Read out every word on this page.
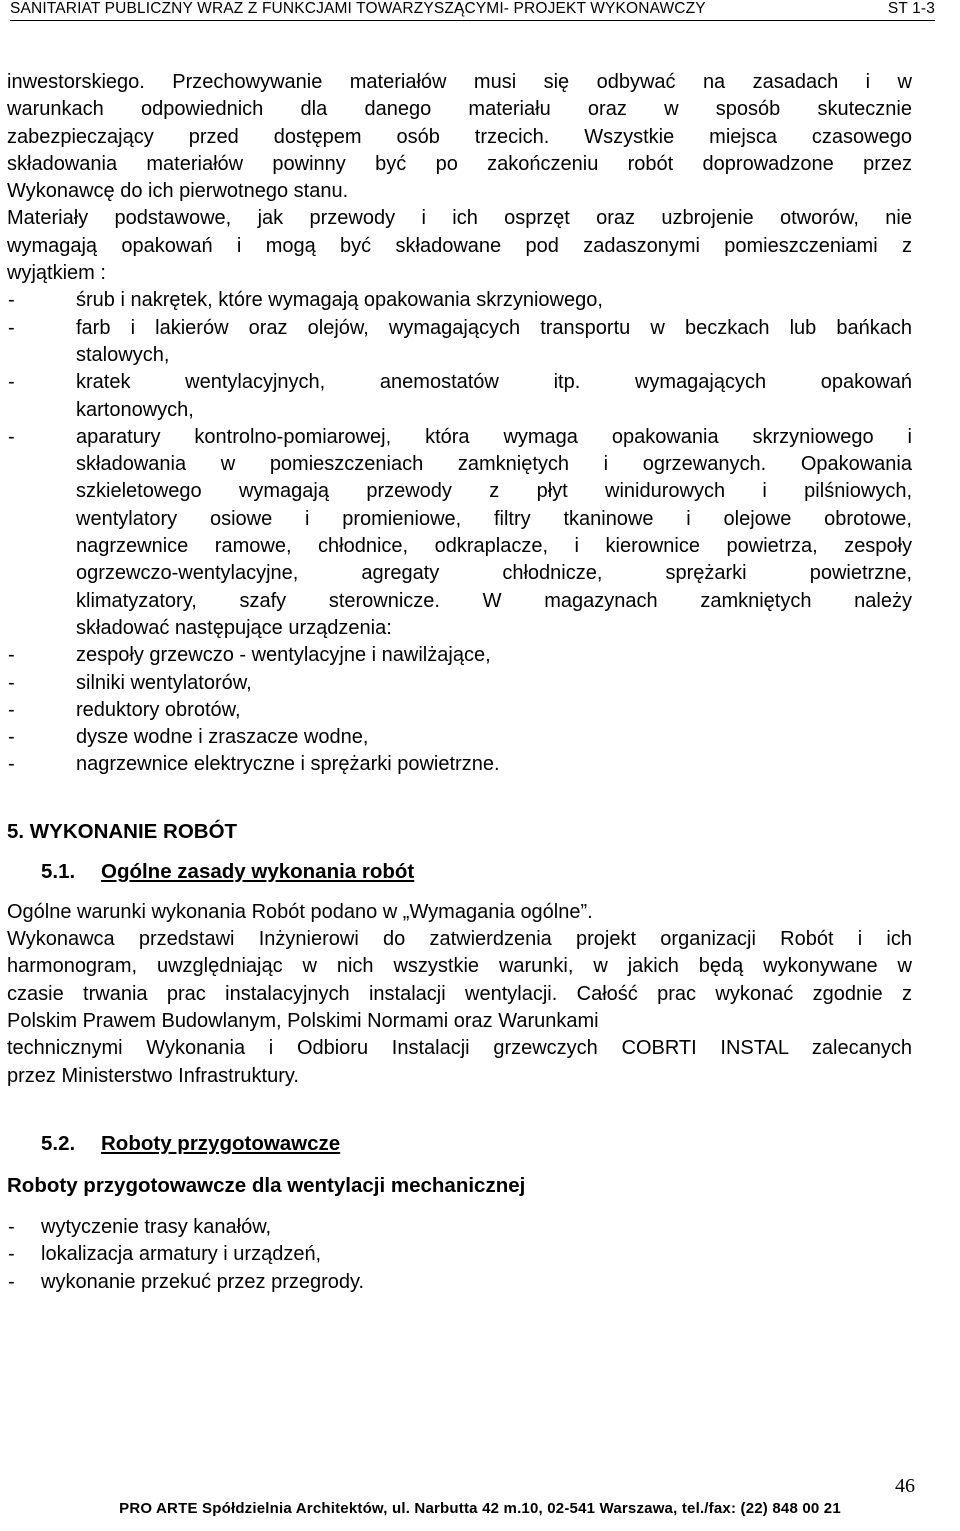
SANITARIAT PUBLICZNY WRAZ Z FUNKCJAMI TOWARZYSZĄCYMI- PROJEKT WYKONAWCZY	ST 1-3

inwestorskiego. Przechowywanie materiałów musi się odbywać na zasadach i w

warunkach odpowiednich dla danego materiału oraz w sposób skutecznie

zabezpieczający przed dostępem osób trzecich. Wszystkie miejsca czasowego

składowania materiałów powinny być po zakończeniu robót doprowadzone przez

Wykonawcę do ich pierwotnego stanu.

Materiały podstawowe, jak przewody i ich osprzęt oraz uzbrojenie otworów, nie

wymagają opakowań i mogą być składowane pod zadaszonymi pomieszczeniami z

wyjątkiem :

-	śrub i nakrętek, które wymagają opakowania skrzyniowego,
-	farb i lakierów oraz olejów, wymagających transportu w beczkach lub bańkach
stalowych,
-	kratek wentylacyjnych, anemostatów itp. wymagających opakowań
kartonowych,
-	aparatury kontrolno-pomiarowej, która wymaga opakowania skrzyniowego i
składowania w pomieszczeniach zamkniętych i ogrzewanych. Opakowania
szkieletowego wymagają przewody z płyt winidurowych i pilśniowych,
wentylatory osiowe i promieniowe, filtry tkaninowe i olejowe obrotowe,
nagrzewnice ramowe, chłodnice, odkraplacze, i kierownice powietrza, zespoły
ogrzewczo-wentylacyjne, agregaty chłodnicze, sprężarki powietrzne,
klimatyzatory, szafy sterownicze. W magazynach zamkniętych należy
składować następujące urządzenia:
-	zespoły grzewczo - wentylacyjne i nawilżające,
-	silniki wentylatorów,
-	reduktory obrotów,
-	dysze wodne i zraszacze wodne,
-	nagrzewnice elektryczne i sprężarki powietrzne.
5. WYKONANIE ROBÓT
5.1. Ogólne zasady wykonania robót

Ogólne warunki wykonania Robót podano w „Wymagania ogólne”.

Wykonawca przedstawi Inżynierowi do zatwierdzenia projekt organizacji Robót i ich

harmonogram, uwzględniając w nich wszystkie warunki, w jakich będą wykonywane w

czasie trwania prac instalacyjnych instalacji wentylacji. Całość prac wykonać zgodnie z

Polskim Prawem Budowlanym, Polskimi Normami oraz Warunkami

technicznymi Wykonania i Odbioru Instalacji grzewczych COBRTI INSTAL zalecanych

przez Ministerstwo Infrastruktury.

5.2. Roboty przygotowawcze

Roboty przygotowawcze dla wentylacji mechanicznej

-	wytyczenie trasy kanałów,
-	lokalizacja armatury i urządzeń,
-	wykonanie przekuć przez przegrody.
46
PRO ARTE Spółdzielnia Architektów, ul. Narbutta 42 m.10, 02-541 Warszawa, tel./fax: (22) 848 00 21
